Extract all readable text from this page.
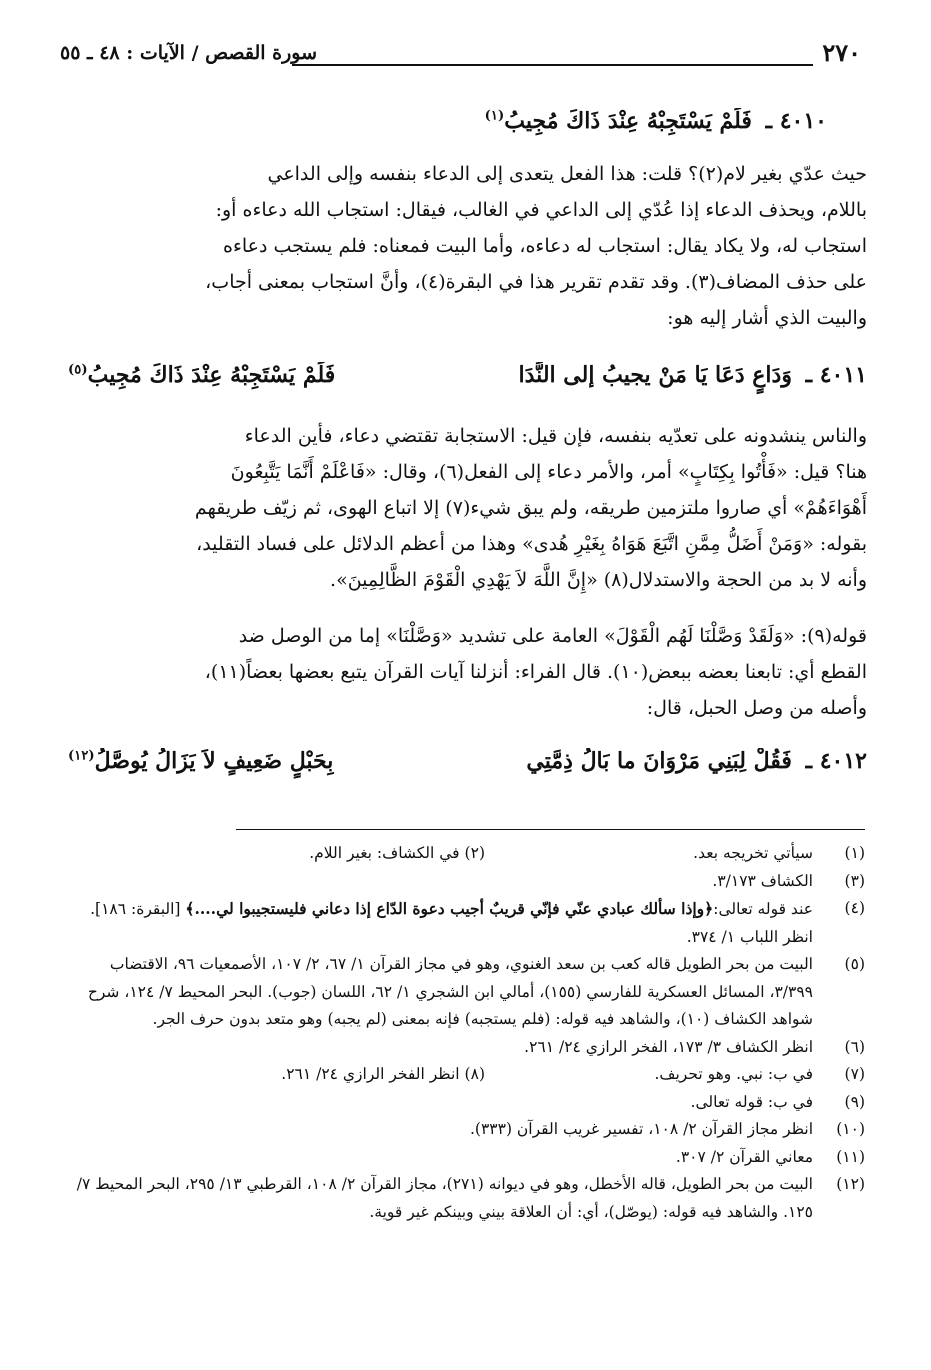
٢٧٠
سورة القصص / الآيات : ٤٨ ـ ٥٥
٤٠١٠ ـ فَلَمْ يَسْتَجِبْهُ عِنْدَ ذَاكَ مُجِيبُ$^{(١)}$

حيث عدّي بغير لام(٢)؟ قلت: هذا الفعل يتعدى إلى الدعاء بنفسه وإلى الداعي

باللام، ويحذف الدعاء إذا عُدّي إلى الداعي في الغالب، فيقال: استجاب الله دعاءه أو:

استجاب له، ولا يكاد يقال: استجاب له دعاءه، وأما البيت فمعناه: فلم يستجب دعاءه

على حذف المضاف(٣). وقد تقدم تقرير هذا في البقرة(٤)، وأنَّ استجاب بمعنى أجاب،

والبيت الذي أشار إليه هو:

٤٠١١ ـ وَدَاعٍ دَعَا يَا مَنْ يجيبُ إلى النَّدَا
فَلَمْ يَسْتَجِبْهُ عِنْدَ ذَاكَ مُجِيبُ$^{(٥)}$

والناس ينشدونه على تعدّيه بنفسه، فإن قيل: الاستجابة تقتضي دعاء، فأين الدعاء

هنا؟ قيل: «فَأْتُوا بِكِتَابٍ» أمر، والأمر دعاء إلى الفعل(٦)، وقال: «فَاعْلَمْ أَنَّمَا يَتَّبِعُونَ

أَهْوَاءَهُمْ» أي صاروا ملتزمين طريقه، ولم يبق شيء(٧) إلا اتباع الهوى، ثم زيّف طريقهم

بقوله: «وَمَنْ أَضَلُّ مِمَّنِ اتَّبَعَ هَوَاهُ بِغَيْرِ هُدى» وهذا من أعظم الدلائل على فساد التقليد،

وأنه لا بد من الحجة والاستدلال(٨) «إِنَّ اللَّهَ لاَ يَهْدِي الْقَوْمَ الظَّالِمِينَ».

قوله(٩): «وَلَقَدْ وَصَّلْنَا لَهُم الْقَوْلَ» العامة على تشديد «وَصَّلْنَا» إما من الوصل ضد

القطع أي: تابعنا بعضه ببعض(١٠). قال الفراء: أنزلنا آيات القرآن يتبع بعضها بعضاً(١١)،

وأصله من وصل الحبل، قال:

٤٠١٢ ـ فَقُلْ لِبَنِي مَرْوَانَ ما بَالُ ذِمَّتِي
بِحَبْلٍ ضَعِيفٍ لاَ يَزَالُ يُوصَّلُ$^{(١٢)}$
(١)
سيأتي تخريجه بعد.
(٢) في الكشاف: بغير اللام.
(٣)
الكشاف ٣/١٧٣.
(٤)
عند قوله تعالى:﴿وإذا سألك عبادي عنّي فإنّي قريبٌ أجيب دعوة الدّاع إذا دعاني فليستجيبوا لي....﴾ [البقرة: ١٨٦]. انظر اللباب ١/ ٣٧٤.
(٥)
البيت من بحر الطويل قاله كعب بن سعد الغنوي، وهو في مجاز القرآن ١/ ٦٧، ٢/ ١٠٧، الأصمعيات ٩٦، الاقتضاب ٣/٣٩٩، المسائل العسكرية للفارسي (١٥٥)، أمالي ابن الشجري ١/ ٦٢، اللسان (جوب). البحر المحيط ٧/ ١٢٤، شرح شواهد الكشاف (١٠)، والشاهد فيه قوله: (فلم يستجبه) فإنه بمعنى (لم يجبه) وهو متعد بدون حرف الجر.
(٦)
انظر الكشاف ٣/ ١٧٣، الفخر الرازي ٢٤/ ٢٦١.
(٧)
في ب: نبي. وهو تحريف.
(٨) انظر الفخر الرازي ٢٤/ ٢٦١.
(٩)
في ب: قوله تعالى.
(١٠)
انظر مجاز القرآن ٢/ ١٠٨، تفسير غريب القرآن (٣٣٣).
(١١)
معاني القرآن ٢/ ٣٠٧.
(١٢)
البيت من بحر الطويل، قاله الأخطل، وهو في ديوانه (٢٧١)، مجاز القرآن ٢/ ١٠٨، القرطبي ١٣/ ٢٩٥، البحر المحيط ٧/ ١٢٥. والشاهد فيه قوله: (يوصّل)، أي: أن العلاقة بيني وبينكم غير قوية.
